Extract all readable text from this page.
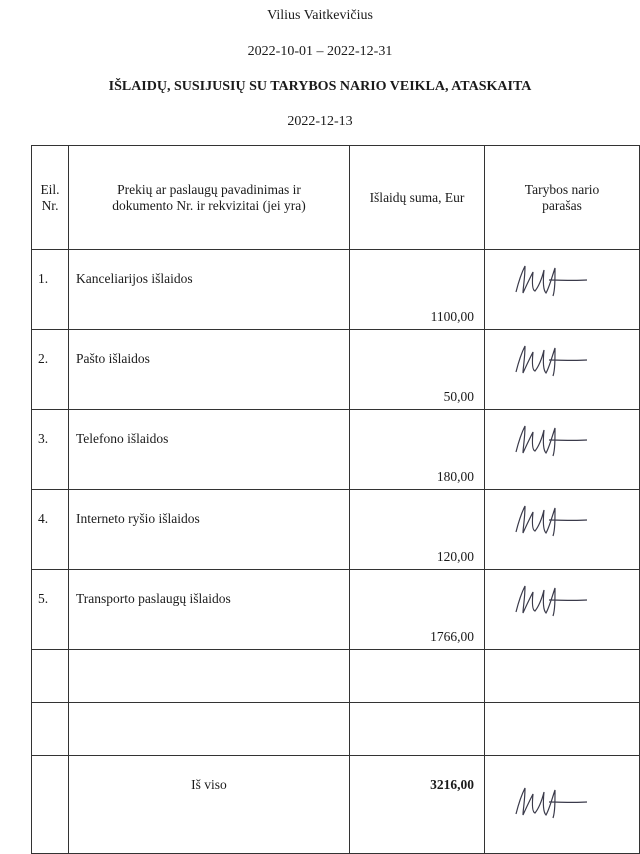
Vilius Vaitkevičius
2022-10-01 – 2022-12-31
IŠLAIDŲ, SUSIJUSIŲ SU TARYBOS NARIO VEIKLA, ATASKAITA
2022-12-13
Eil. Nr.	Prekių ar paslaugų pavadinimas ir dokumento Nr. ir rekvizitai (jei yra)	Išlaidų suma, Eur	Tarybos nario parašas
1.	Kanceliarijos išlaidos	1100,00	

2.	Pašto išlaidos	50,00	

3.	Telefono išlaidos	180,00	

4.	Interneto ryšio išlaidos	120,00	

5.	Transporto paslaugų išlaidos	1766,00	

	Iš viso	3216,00	
